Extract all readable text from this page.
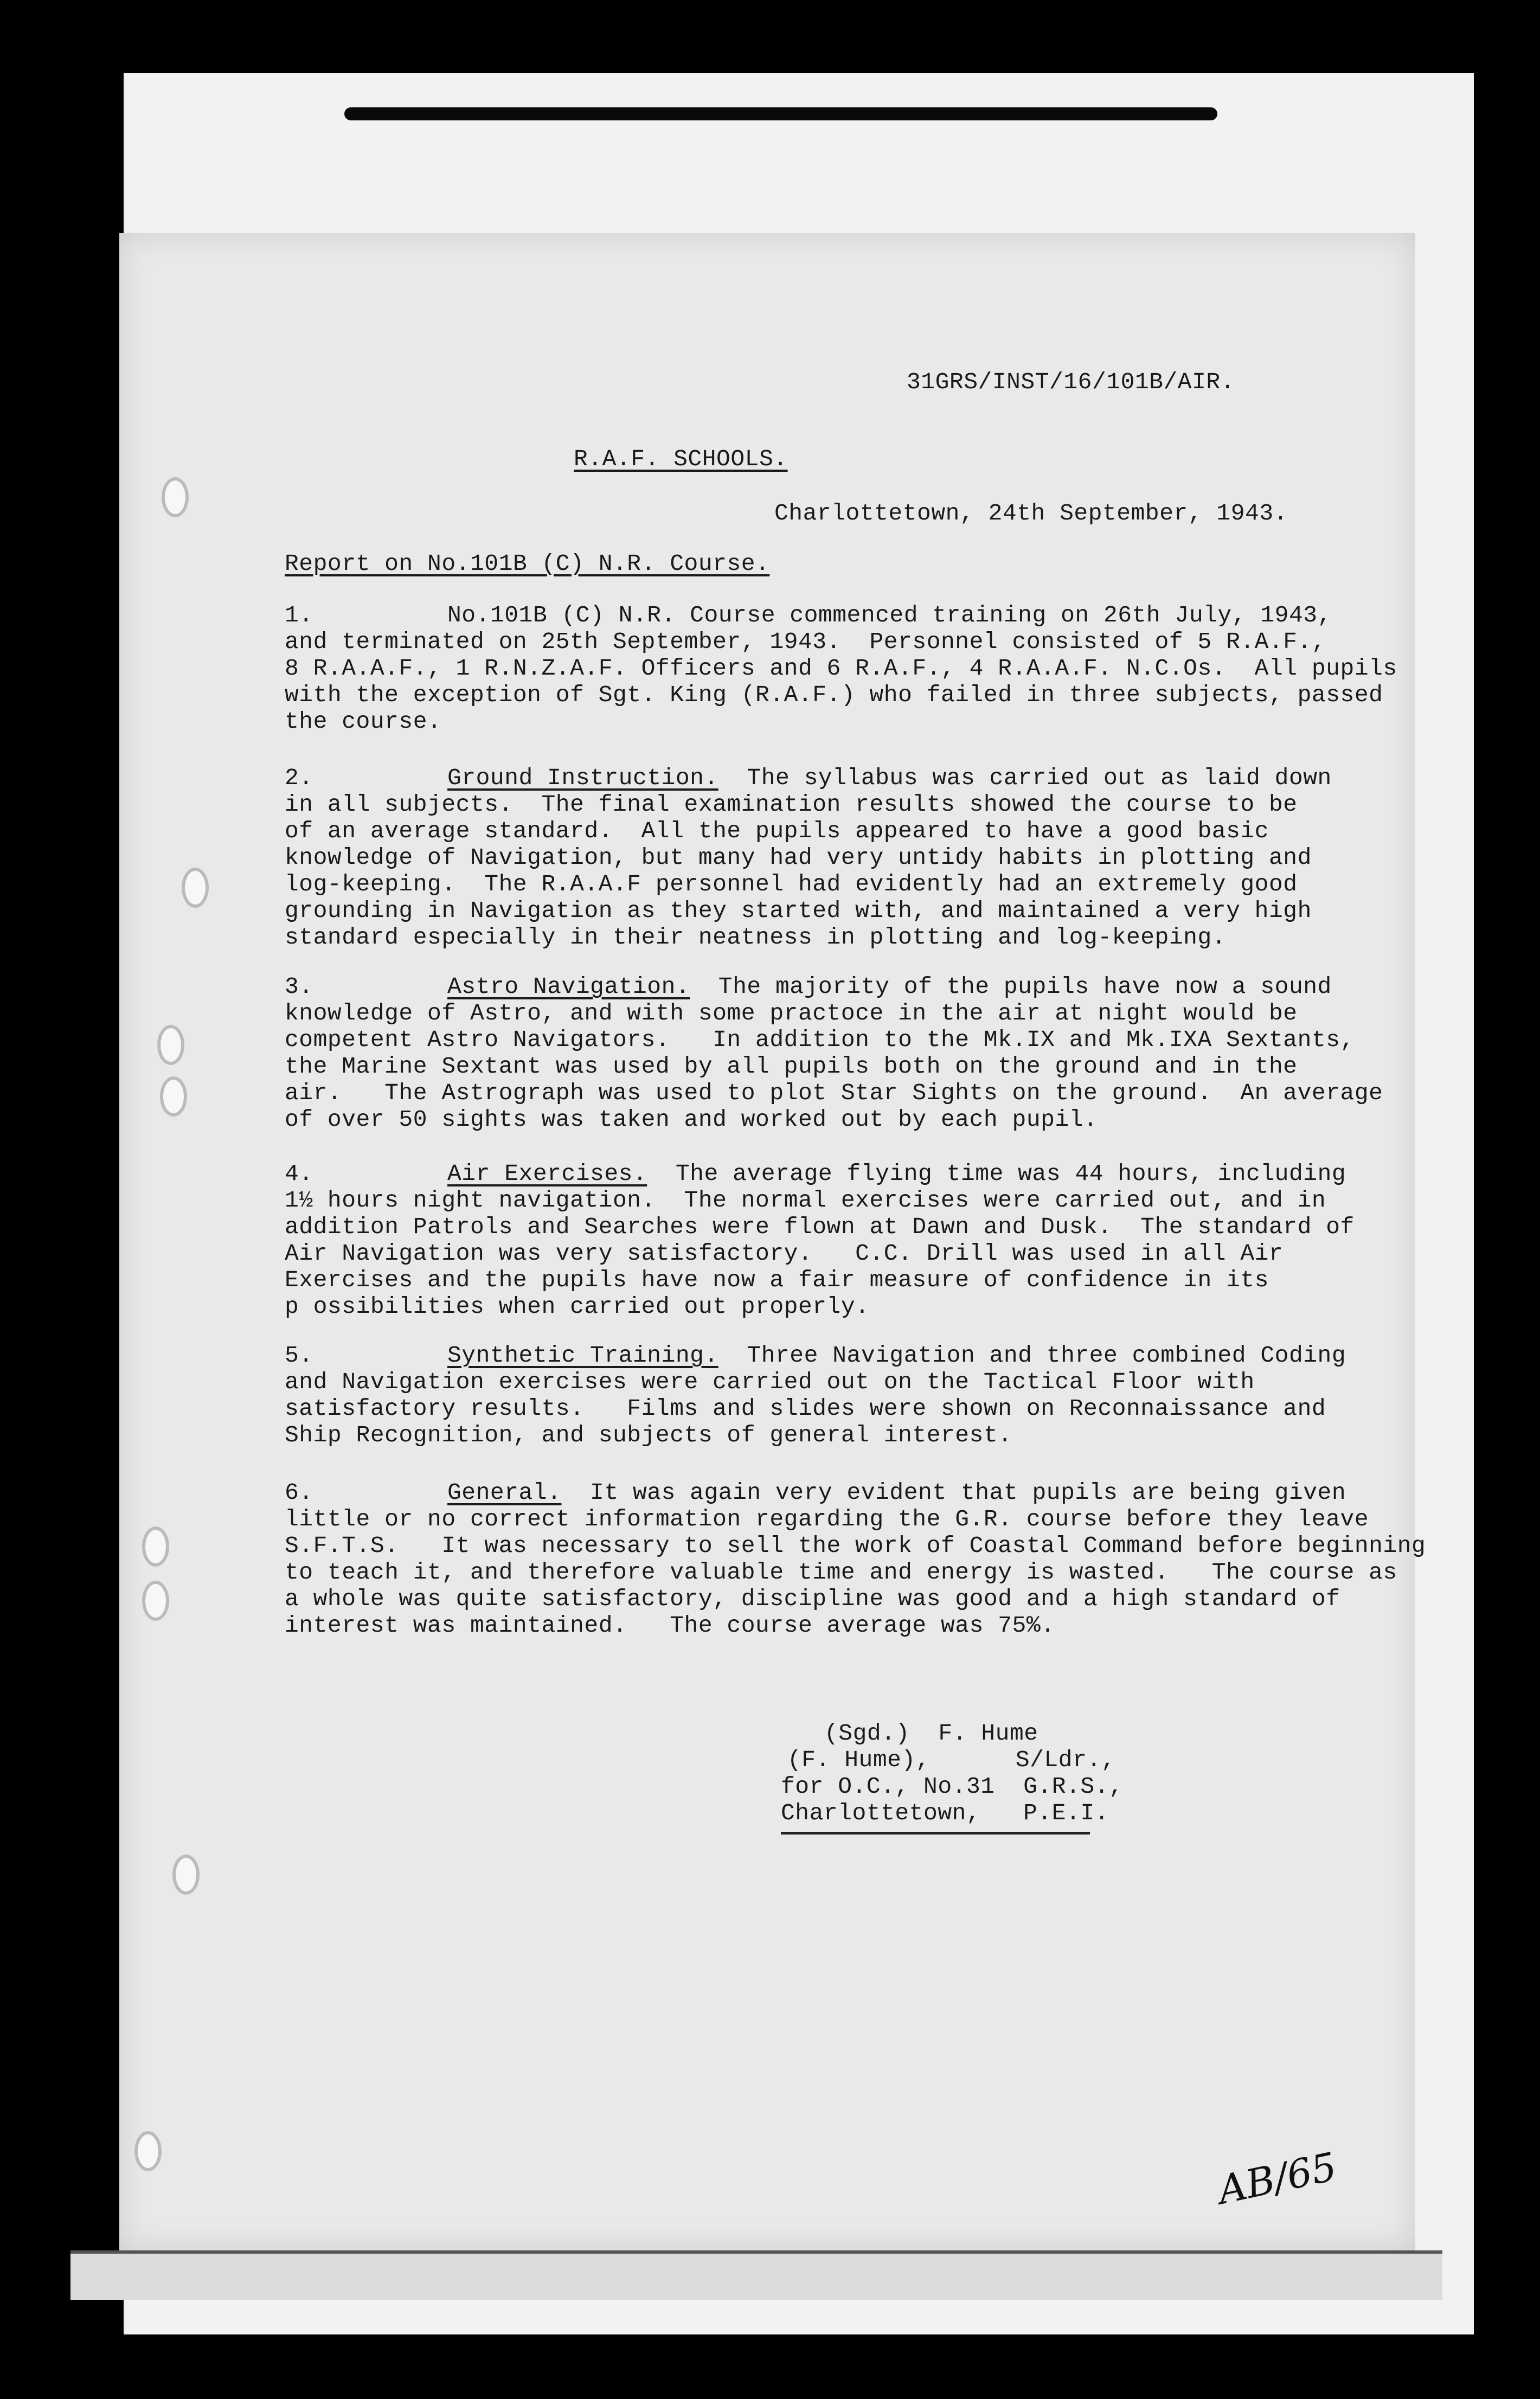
31GRS/INST/16/101B/AIR.
R.A.F. SCHOOLS.
Charlottetown, 24th September, 1943.
Report on No.101B (C) N.R. Course.
1.	No.101B (C) N.R. Course commenced training on 26th July, 1943,
and terminated on 25th September, 1943.  Personnel consisted of 5 R.A.F.,
8 R.A.A.F., 1 R.N.Z.A.F. Officers and 6 R.A.F., 4 R.A.A.F. N.C.Os.  All pupils
with the exception of Sgt. King (R.A.F.) who failed in three subjects, passed
the course.
2.	Ground Instruction. The syllabus was carried out as laid down
in all subjects.  The final examination results showed the course to be
of an average standard.  All the pupils appeared to have a good basic
knowledge of Navigation, but many had very untidy habits in plotting and
log-keeping.  The R.A.A.F personnel had evidently had an extremely good
grounding in Navigation as they started with, and maintained a very high
standard especially in their neatness in plotting and log-keeping.
3.	Astro Navigation. The majority of the pupils have now a sound
knowledge of Astro, and with some practoce in the air at night would be
competent Astro Navigators.   In addition to the Mk.IX and Mk.IXA Sextants,
the Marine Sextant was used by all pupils both on the ground and in the
air.   The Astrograph was used to plot Star Sights on the ground.  An average
of over 50 sights was taken and worked out by each pupil.
4.	Air Exercises. The average flying time was 44 hours, including
1½ hours night navigation.  The normal exercises were carried out, and in
addition Patrols and Searches were flown at Dawn and Dusk.  The standard of
Air Navigation was very satisfactory.   C.C. Drill was used in all Air
Exercises and the pupils have now a fair measure of confidence in its
p ossibilities when carried out properly.
5.	Synthetic Training. Three Navigation and three combined Coding
and Navigation exercises were carried out on the Tactical Floor with
satisfactory results.   Films and slides were shown on Reconnaissance and
Ship Recognition, and subjects of general interest.
6.	General. It was again very evident that pupils are being given
little or no correct information regarding the G.R. course before they leave
S.F.T.S.   It was necessary to sell the work of Coastal Command before beginning
to teach it, and therefore valuable time and energy is wasted.   The course as
a whole was quite satisfactory, discipline was good and a high standard of
interest was maintained.   The course average was 75%.
(Sgd.)  F. Hume
(F. Hume),      S/Ldr.,
for O.C., No.31  G.R.S.,
Charlottetown,   P.E.I.
AB/65
